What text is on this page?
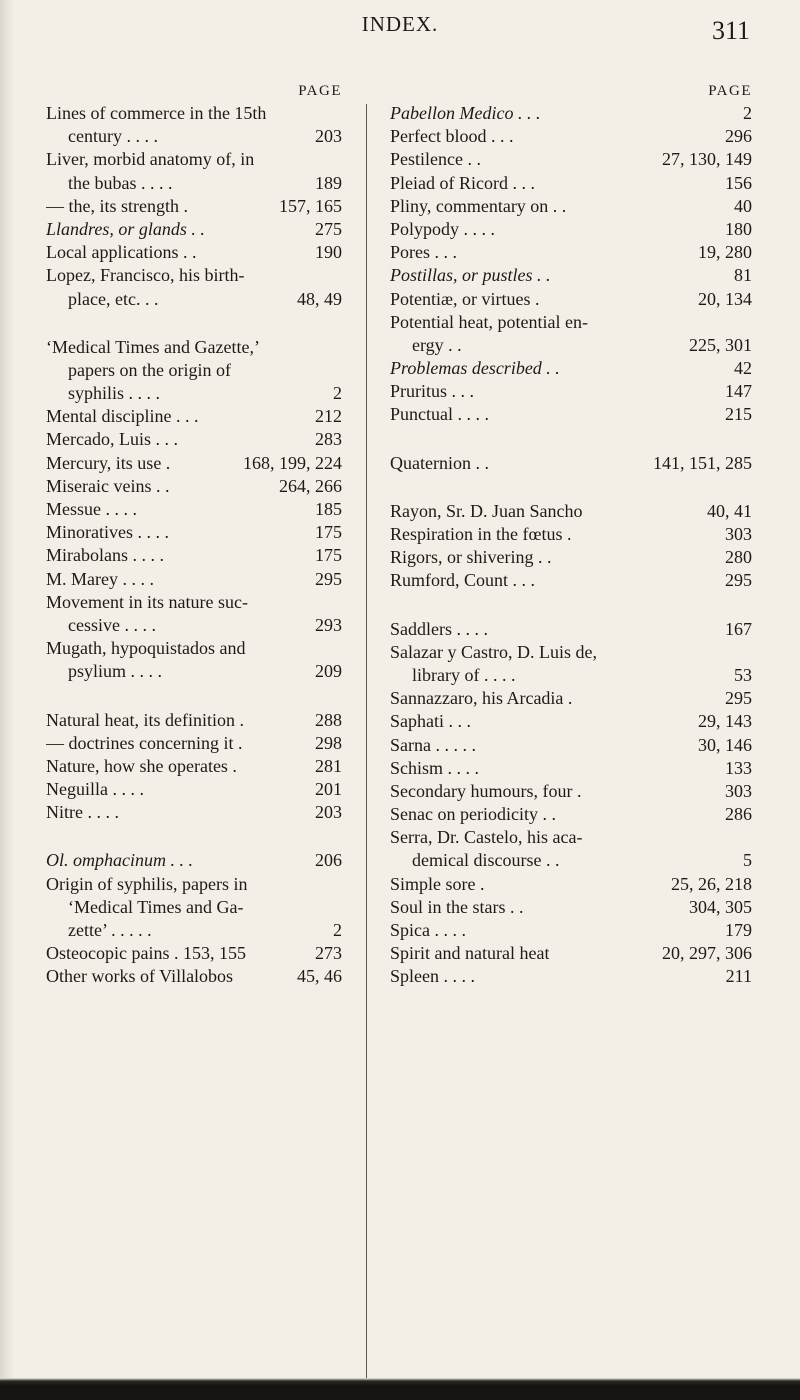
INDEX.	311
PAGE
Lines of commerce in the 15th
century . . . .	203
Liver, morbid anatomy of, in
the bubas . . . .	189
— the, its strength .	157, 165
Llandres, or glands . .	275
Local applications . .	190
Lopez, Francisco, his birth-
place, etc. . .	48, 49
‘Medical Times and Gazette,’
papers on the origin of
syphilis . . . .	2
Mental discipline . . .	212
Mercado, Luis . . .	283
Mercury, its use .	168, 199, 224
Miseraic veins . .	264, 266
Messue . . . .	185
Minoratives . . . .	175
Mirabolans . . . .	175
M. Marey . . . .	295
Movement in its nature suc-
cessive . . . .	293
Mugath, hypoquistados and
psylium . . . .	209
Natural heat, its definition .	288
— doctrines concerning it .	298
Nature, how she operates .	281
Neguilla . . . .	201
Nitre . . . .	203
Ol. omphacinum . . .	206
Origin of syphilis, papers in
‘Medical Times and Ga-
zette’ . . . . .	2
Osteocopic pains . 153, 155	273
Other works of Villalobos	45, 46
PAGE
Pabellon Medico . . .	2
Perfect blood . . .	296
Pestilence . .	27, 130, 149
Pleiad of Ricord . . .	156
Pliny, commentary on . .	40
Polypody . . . .	180
Pores . . .	19, 280
Postillas, or pustles . .	81
Potentiæ, or virtues .	20, 134
Potential heat, potential en-
ergy . .	225, 301
Problemas described . .	42
Pruritus . . .	147
Punctual . . . .	215
Quaternion . .	141, 151, 285
Rayon, Sr. D. Juan Sancho	40, 41
Respiration in the fœtus .	303
Rigors, or shivering . .	280
Rumford, Count . . .	295
Saddlers . . . .	167
Salazar y Castro, D. Luis de,
library of . . . .	53
Sannazzaro, his Arcadia .	295
Saphati . . .	29, 143
Sarna . . . . .	30, 146
Schism . . . .	133
Secondary humours, four .	303
Senac on periodicity . .	286
Serra, Dr. Castelo, his aca-
demical discourse . .	5
Simple sore .	25, 26, 218
Soul in the stars . .	304, 305
Spica . . . .	179
Spirit and natural heat	20, 297, 306
Spleen . . . .	211
